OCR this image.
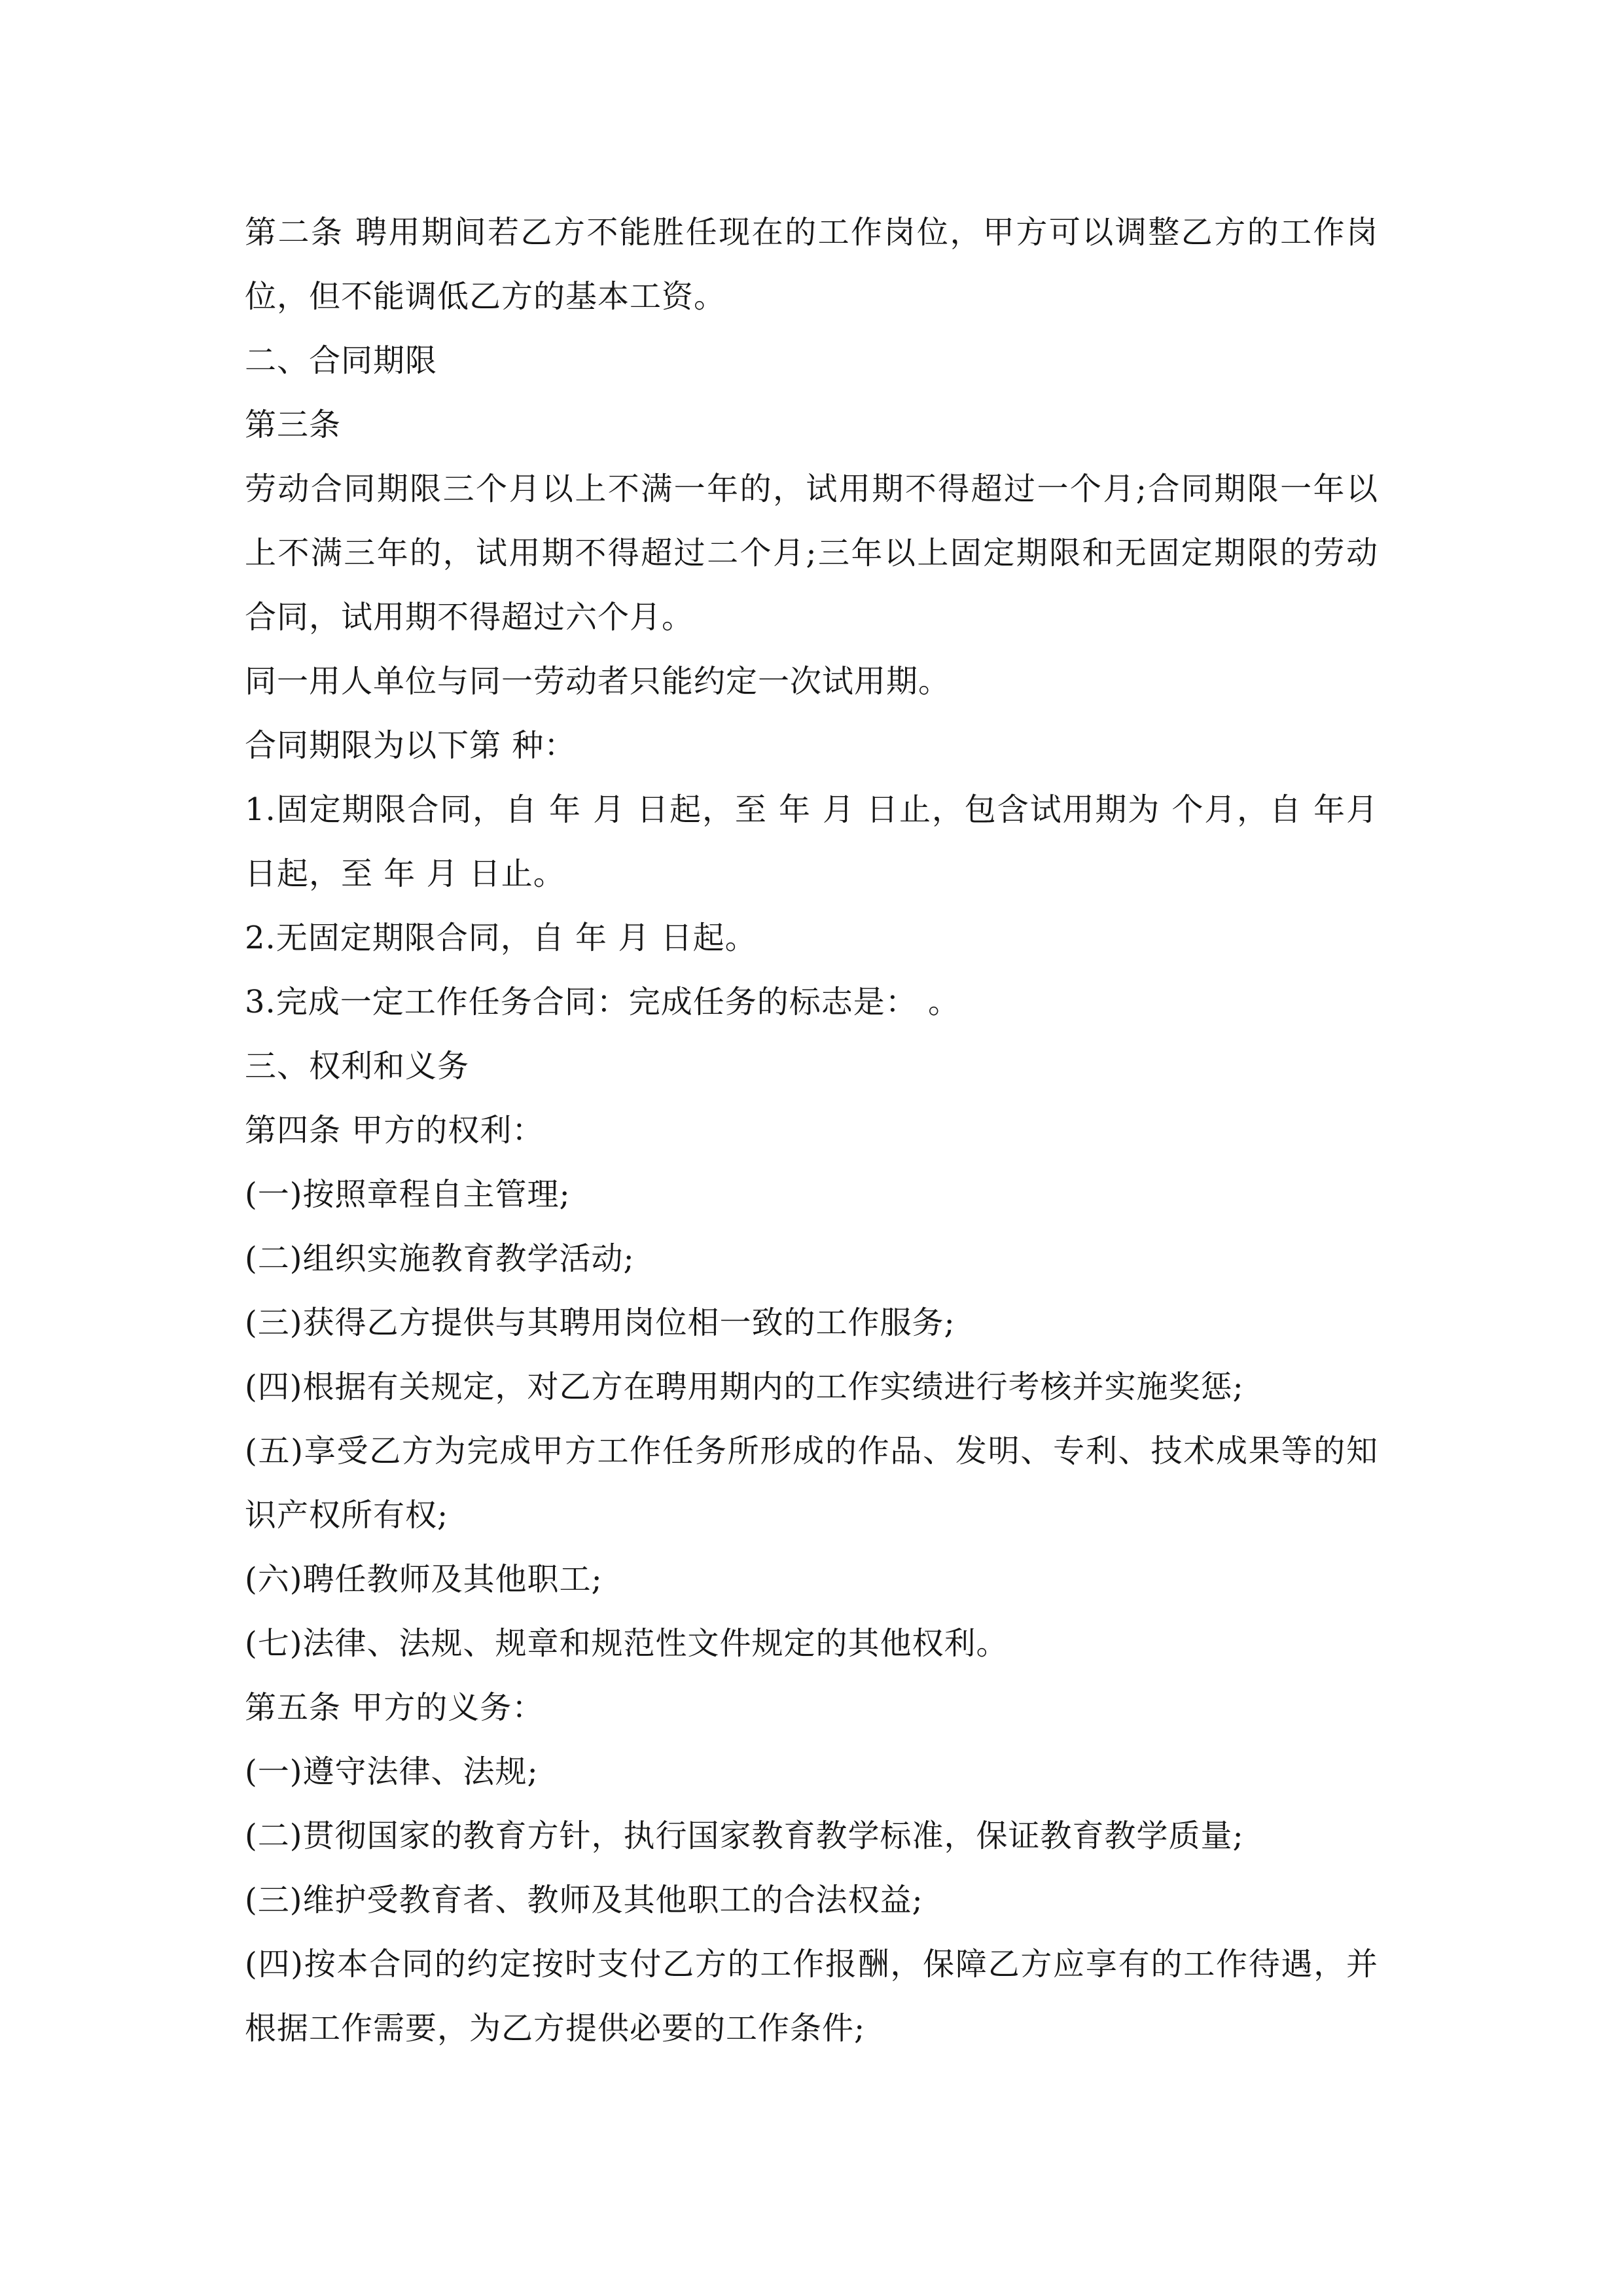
第二条 聘用期间若乙方不能胜任现在的工作岗位，甲方可以调整乙方的工作岗位，但不能调低乙方的基本工资。

二、合同期限

第三条

劳动合同期限三个月以上不满一年的，试用期不得超过一个月;合同期限一年以上不满三年的，试用期不得超过二个月;三年以上固定期限和无固定期限的劳动合同，试用期不得超过六个月。

同一用人单位与同一劳动者只能约定一次试用期。

合同期限为以下第 种：

1.固定期限合同，自 年 月 日起，至 年 月 日止，包含试用期为 个月，自 年月 日起，至 年 月 日止。

2.无固定期限合同，自 年 月 日起。

3.完成一定工作任务合同：完成任务的标志是： 。

三、权利和义务

第四条 甲方的权利：

(一)按照章程自主管理;

(二)组织实施教育教学活动;

(三)获得乙方提供与其聘用岗位相一致的工作服务;

(四)根据有关规定，对乙方在聘用期内的工作实绩进行考核并实施奖惩;

(五)享受乙方为完成甲方工作任务所形成的作品、发明、专利、技术成果等的知识产权所有权;

(六)聘任教师及其他职工;

(七)法律、法规、规章和规范性文件规定的其他权利。

第五条 甲方的义务：

(一)遵守法律、法规;

(二)贯彻国家的教育方针，执行国家教育教学标准，保证教育教学质量;

(三)维护受教育者、教师及其他职工的合法权益;

(四)按本合同的约定按时支付乙方的工作报酬，保障乙方应享有的工作待遇，并根据工作需要，为乙方提供必要的工作条件;
